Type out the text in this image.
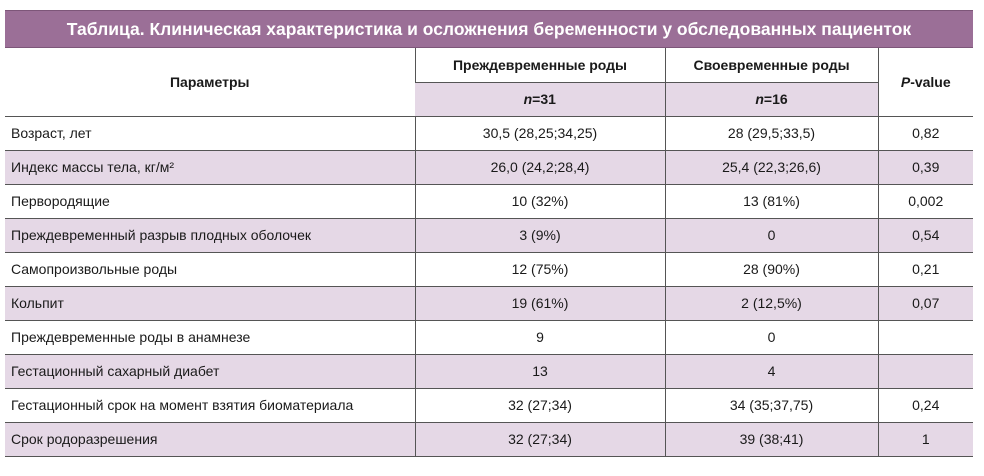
Таблица. Клиническая характеристика и осложнения беременности у обследованных пациенток
Параметры	Преждевременные роды	Своевременные роды	P-value
	n=31	n=16	
Возраст, лет	30,5 (28,25;34,25)	28 (29,5;33,5)	0,82
Индекс массы тела, кг/м²	26,0 (24,2;28,4)	25,4 (22,3;26,6)	0,39
Первородящие	10 (32%)	13 (81%)	0,002
Преждевременный разрыв плодных оболочек	3 (9%)	0	0,54
Самопроизвольные роды	12 (75%)	28 (90%)	0,21
Кольпит	19 (61%)	2 (12,5%)	0,07
Преждевременные роды в анамнезе	9	0	
Гестационный сахарный диабет	13	4	
Гестационный срок на момент взятия биоматериала	32 (27;34)	34 (35;37,75)	0,24
Срок родоразрешения	32 (27;34)	39 (38;41)	1
